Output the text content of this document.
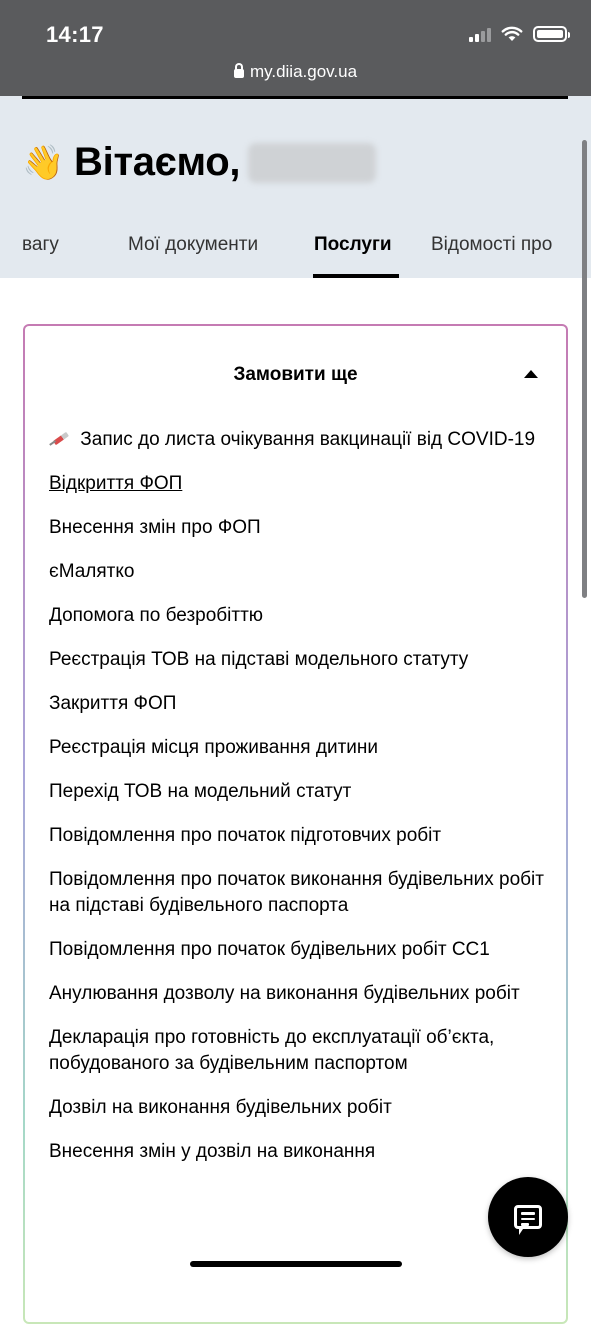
14:17
my.diia.gov.ua
👋 Вітаємо,
вагу	Мої документи	Послуги Відомості про
Замовити ще
Запис до листа очікування вакцинації від COVID-19
Відкриття ФОП
Внесення змін про ФОП
єМалятко
Допомога по безробіттю
Реєстрація ТОВ на підставі модельного статуту
Закриття ФОП
Реєстрація місця проживання дитини
Перехід ТОВ на модельний статут
Повідомлення про початок підготовчих робіт
Повідомлення про початок виконання будівельних робіт на підставі будівельного паспорта
Повідомлення про початок будівельних робіт СС1
Анулювання дозволу на виконання будівельних робіт
Декларація про готовність до експлуатації об’єкта, побудованого за будівельним паспортом
Дозвіл на виконання будівельних робіт
Внесення змін у дозвіл на виконання
